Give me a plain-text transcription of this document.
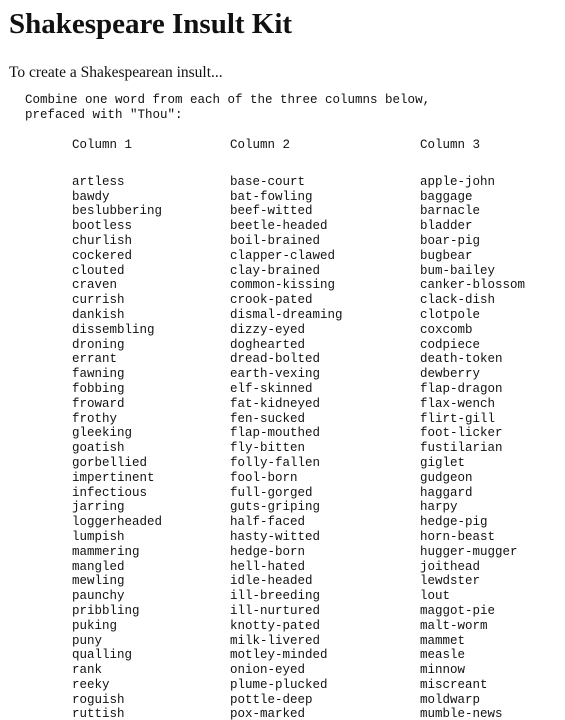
Shakespeare Insult Kit
To create a Shakespearean insult...
Combine one word from each of the three columns below,
prefaced with "Thou":
Column 1
artless
bawdy
beslubbering
bootless
churlish
cockered
clouted
craven
currish
dankish
dissembling
droning
errant
fawning
fobbing
froward
frothy
gleeking
goatish
gorbellied
impertinent
infectious
jarring
loggerheaded
lumpish
mammering
mangled
mewling
paunchy
pribbling
puking
puny
qualling
rank
reeky
roguish
ruttish
Column 2
base-court
bat-fowling
beef-witted
beetle-headed
boil-brained
clapper-clawed
clay-brained
common-kissing
crook-pated
dismal-dreaming
dizzy-eyed
doghearted
dread-bolted
earth-vexing
elf-skinned
fat-kidneyed
fen-sucked
flap-mouthed
fly-bitten
folly-fallen
fool-born
full-gorged
guts-griping
half-faced
hasty-witted
hedge-born
hell-hated
idle-headed
ill-breeding
ill-nurtured
knotty-pated
milk-livered
motley-minded
onion-eyed
plume-plucked
pottle-deep
pox-marked
Column 3
apple-john
baggage
barnacle
bladder
boar-pig
bugbear
bum-bailey
canker-blossom
clack-dish
clotpole
coxcomb
codpiece
death-token
dewberry
flap-dragon
flax-wench
flirt-gill
foot-licker
fustilarian
giglet
gudgeon
haggard
harpy
hedge-pig
horn-beast
hugger-mugger
joithead
lewdster
lout
maggot-pie
malt-worm
mammet
measle
minnow
miscreant
moldwarp
mumble-news
